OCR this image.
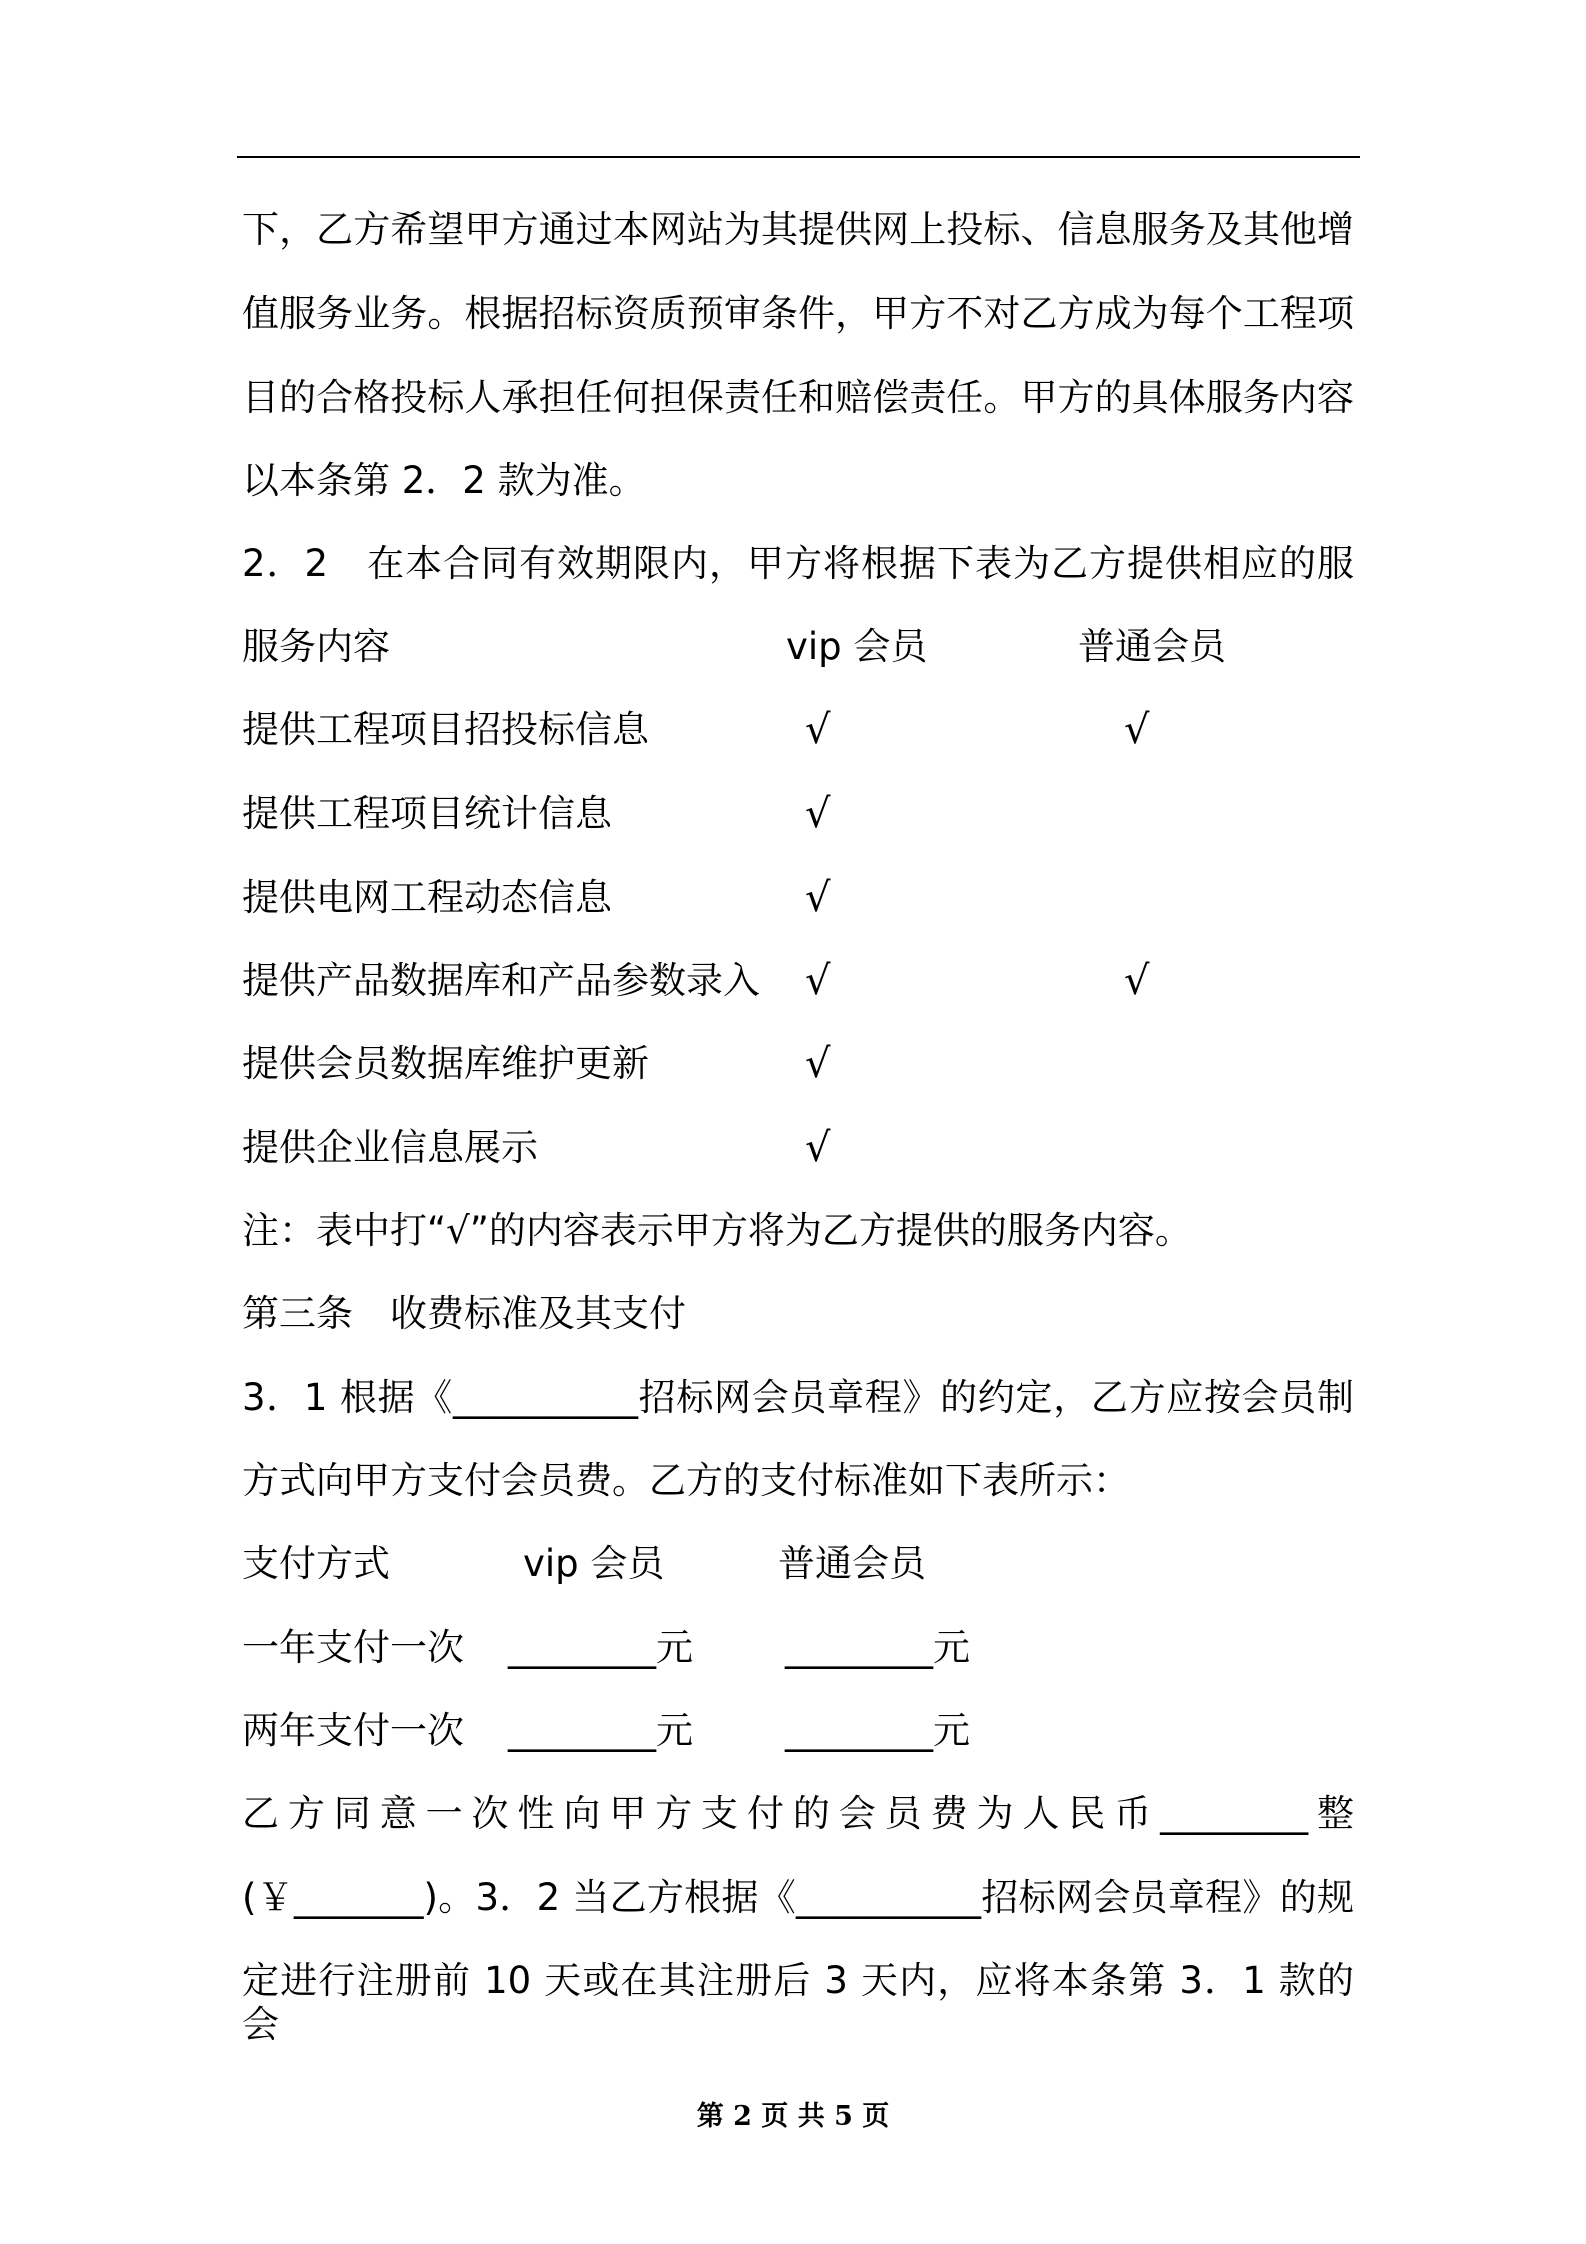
下，乙方希望甲方通过本网站为其提供网上投标、信息服务及其他增
值服务业务。根据招标资质预审条件，甲方不对乙方成为每个工程项
目的合格投标人承担任何担保责任和赔偿责任。甲方的具体服务内容
以本条第 2．2 款为准。
2．2　在本合同有效期限内，甲方将根据下表为乙方提供相应的服
服务内容	vip 会员	普通会员
提供工程项目招投标信息	√	√
提供工程项目统计信息	√
提供电网工程动态信息	√
提供产品数据库和产品参数录入 √	√
提供会员数据库维护更新	√
提供企业信息展示	√
注：表中打“√”的内容表示甲方将为乙方提供的服务内容。
第三条　收费标准及其支付
3．1 根据《__________招标网会员章程》的约定，乙方应按会员制
方式向甲方支付会员费。乙方的支付标准如下表所示：
支付方式	vip 会员	普通会员
一年支付一次 ________元 ________元
两年支付一次 ________元 ________元
乙方同意一次性向甲方支付的会员费为人民币________整
(￥_______)。3．2 当乙方根据《__________招标网会员章程》的规
定进行注册前 10 天或在其注册后 3 天内，应将本条第 3．1 款的会
第 2 页 共 5 页
